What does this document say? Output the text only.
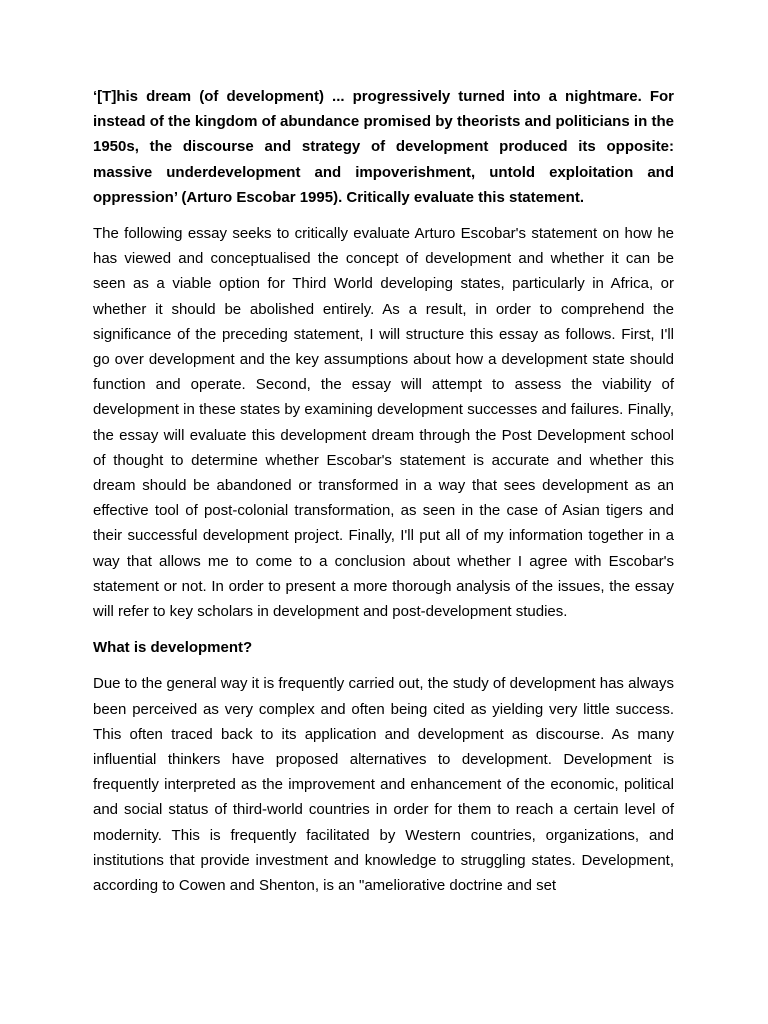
‘[T]his dream (of development) ... progressively turned into a nightmare. For instead of the kingdom of abundance promised by theorists and politicians in the 1950s, the discourse and strategy of development produced its opposite: massive underdevelopment and impoverishment, untold exploitation and oppression’ (Arturo Escobar 1995). Critically evaluate this statement.

The following essay seeks to critically evaluate Arturo Escobar's statement on how he has viewed and conceptualised the concept of development and whether it can be seen as a viable option for Third World developing states, particularly in Africa, or whether it should be abolished entirely. As a result, in order to comprehend the significance of the preceding statement, I will structure this essay as follows. First, I'll go over development and the key assumptions about how a development state should function and operate. Second, the essay will attempt to assess the viability of development in these states by examining development successes and failures. Finally, the essay will evaluate this development dream through the Post Development school of thought to determine whether Escobar's statement is accurate and whether this dream should be abandoned or transformed in a way that sees development as an effective tool of post-colonial transformation, as seen in the case of Asian tigers and their successful development project. Finally, I'll put all of my information together in a way that allows me to come to a conclusion about whether I agree with Escobar's statement or not. In order to present a more thorough analysis of the issues, the essay will refer to key scholars in development and post-development studies.

What is development?

Due to the general way it is frequently carried out, the study of development has always been perceived as very complex and often being cited as yielding very little success. This often traced back to its application and development as discourse. As many influential thinkers have proposed alternatives to development. Development is frequently interpreted as the improvement and enhancement of the economic, political and social status of third-world countries in order for them to reach a certain level of modernity. This is frequently facilitated by Western countries, organizations, and institutions that provide investment and knowledge to struggling states. Development, according to Cowen and Shenton, is an "ameliorative doctrine and set
